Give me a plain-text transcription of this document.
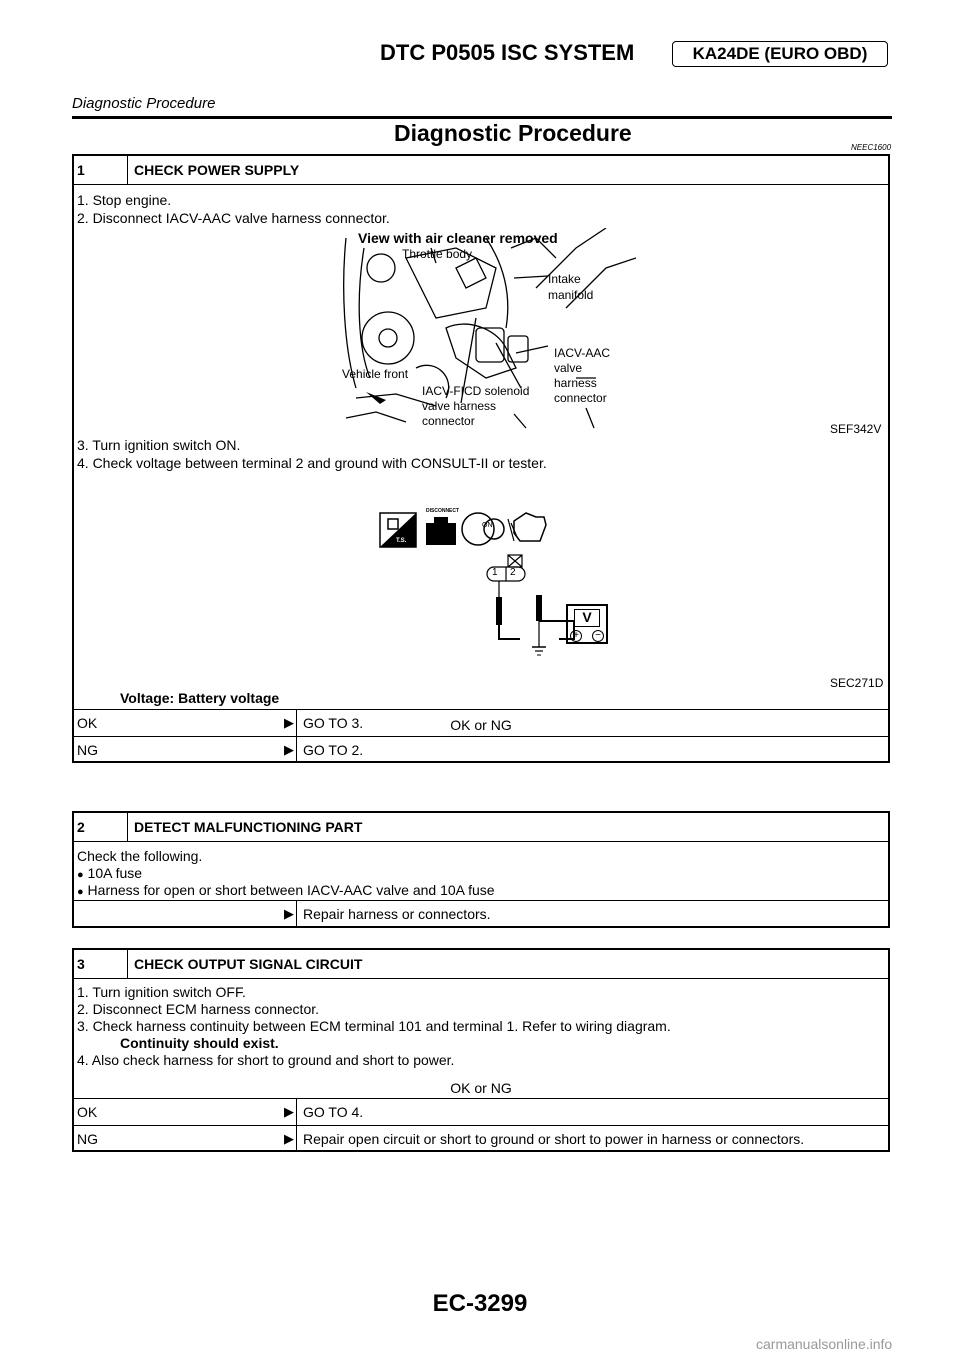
DTC P0505 ISC SYSTEM	KA24DE (EURO OBD)
Diagnostic Procedure
Diagnostic Procedure
NEEC1600
1	CHECK POWER SUPPLY
1. Stop engine.
2. Disconnect IACV-AAC valve harness connector.
View with air cleaner removed
Throttle body
Intake
manifold
Vehicle front
IACV-AAC
valve
harness
connector
IACV-FICD solenoid
valve harness
connector
SEF342V
3. Turn ignition switch ON.
4. Check voltage between terminal 2 and ground with CONSULT-II or tester.
V
+	−
DISCONNECT
T.S.
ON
1 2
SEC271D
Voltage: Battery voltage
OK or NG
OK	▶ GO TO 3.
NG	▶ GO TO 2.
2	DETECT MALFUNCTIONING PART
Check the following.
● 10A fuse
● Harness for open or short between IACV-AAC valve and 10A fuse
▶ Repair harness or connectors.
3	CHECK OUTPUT SIGNAL CIRCUIT
1. Turn ignition switch OFF.
2. Disconnect ECM harness connector.
3. Check harness continuity between ECM terminal 101 and terminal 1. Refer to wiring diagram.
Continuity should exist.
4. Also check harness for short to ground and short to power.
OK or NG
OK	▶ GO TO 4.
NG	▶ Repair open circuit or short to ground or short to power in harness or connectors.
EC-3299
carmanualsonline.info
